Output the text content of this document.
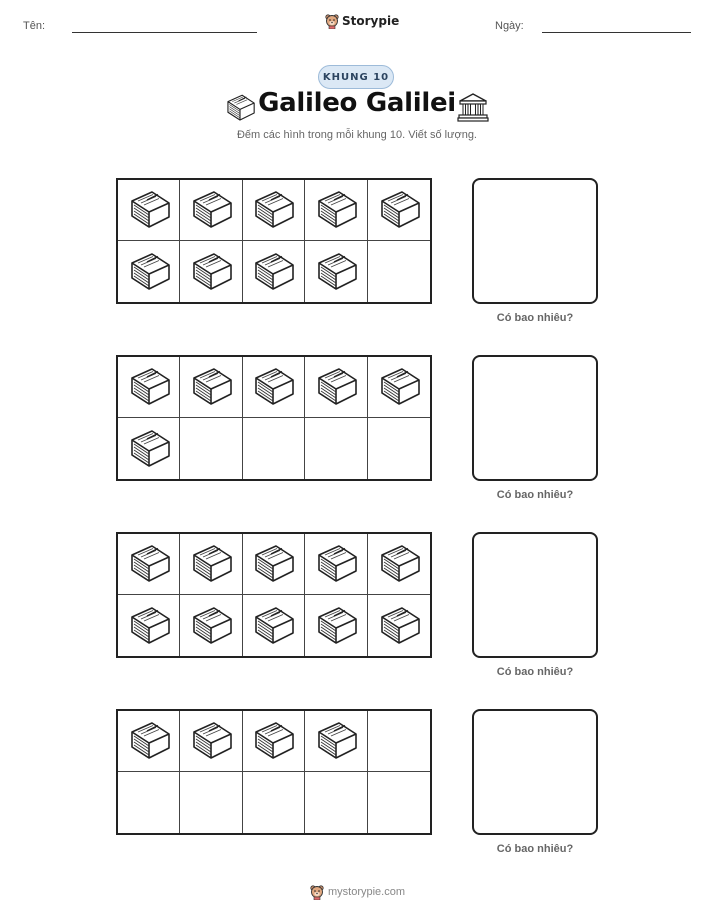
Tên:	Storypie	Ngày:
KHUNG 10
Galileo Galilei
Đếm các hình trong mỗi khung 10. Viết số lượng.
Có bao nhiêu?
Có bao nhiêu?
Có bao nhiêu?
Có bao nhiêu?
mystorypie.com
